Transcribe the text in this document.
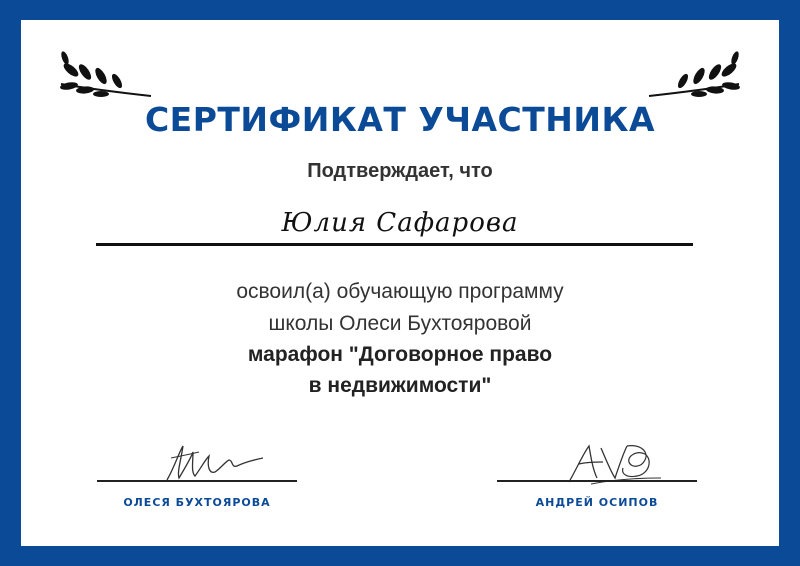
СЕРТИФИКАТ УЧАСТНИКА
Подтверждает, что
Юлия Сафарова
освоил(а) обучающую программу
школы Олеси Бухтояровой
марафон "Договорное право
в недвижимости"
ОЛЕСЯ БУХТОЯРОВА	АНДРЕЙ ОСИПОВ
